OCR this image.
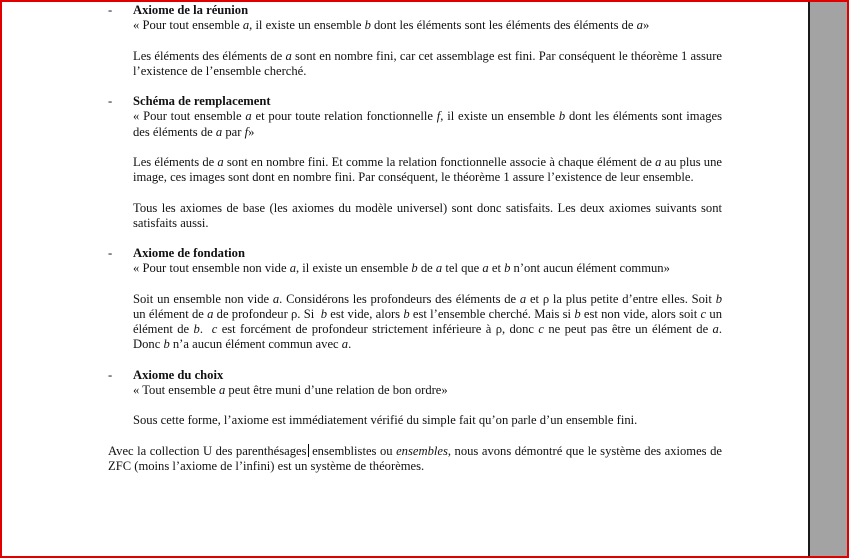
- Axiome de la réunion

« Pour tout ensemble a, il existe un ensemble b dont les éléments sont les éléments des éléments de a»

Les éléments des éléments de a sont en nombre fini, car cet assemblage est fini. Par conséquent le théorème 1 assure l’existence de l’ensemble cherché.

- Schéma de remplacement

« Pour tout ensemble a et pour toute relation fonctionnelle f, il existe un ensemble b dont les éléments sont images des éléments de a par f»

Les éléments de a sont en nombre fini. Et comme la relation fonctionnelle associe à chaque élément de a au plus une image, ces images sont dont en nombre fini. Par conséquent, le théorème 1 assure l’existence de leur ensemble.

Tous les axiomes de base (les axiomes du modèle universel) sont donc satisfaits. Les deux axiomes suivants sont satisfaits aussi.

- Axiome de fondation

« Pour tout ensemble non vide a, il existe un ensemble b de a tel que a et b n’ont aucun élément commun»

Soit un ensemble non vide a. Considérons les profondeurs des éléments de a et ρ la plus petite d’entre elles. Soit b un élément de a de profondeur ρ. Si  b est vide, alors b est l’ensemble cherché. Mais si b est non vide, alors soit c un élément de b.  c est forcément de profondeur strictement inférieure à ρ, donc c ne peut pas être un élément de a. Donc b n’a aucun élément commun avec a.

- Axiome du choix

« Tout ensemble a peut être muni d’une relation de bon ordre»

Sous cette forme, l’axiome est immédiatement vérifié du simple fait qu’on parle d’un ensemble fini.

Avec la collection U des parenthésages ensemblistes ou ensembles, nous avons démontré que le système des axiomes de ZFC (moins l’axiome de l’infini) est un système de théorèmes.
